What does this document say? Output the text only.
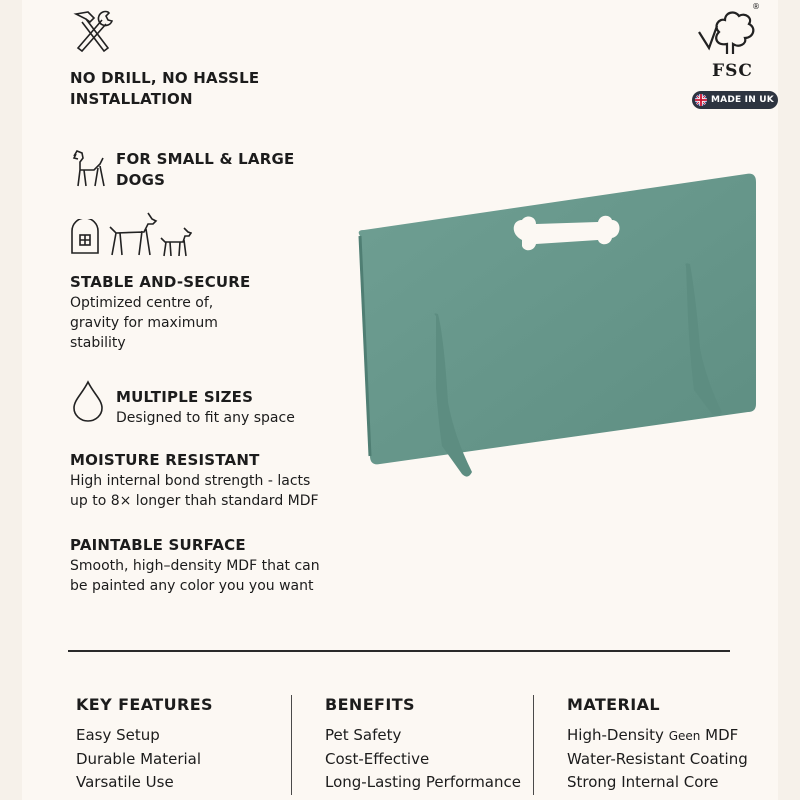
NO DRILL, NO HASSLE
INSTALLATION
FOR SMALL & LARGE
DOGS
STABLE AND-SECURE
Optimized centre of,
gravity for maximum
stability
MULTIPLE SIZES
Designed to fit any space
MOISTURE RESISTANT
High internal bond strength - lacts
up to 8× longer thah standard MDF
PAINTABLE SURFACE
Smooth, high–density MDF that can
be painted any color you you want
®
FSC
MADE IN UK
KEY FEATURES
Easy Setup
Durable Material
Varsatile Use
BENEFITS
Pet Safety
Cost-Effective
Long-Lasting Performance
MATERIAL
High-Density Geen MDF
Water-Resistant Coating
Strong Internal Core
